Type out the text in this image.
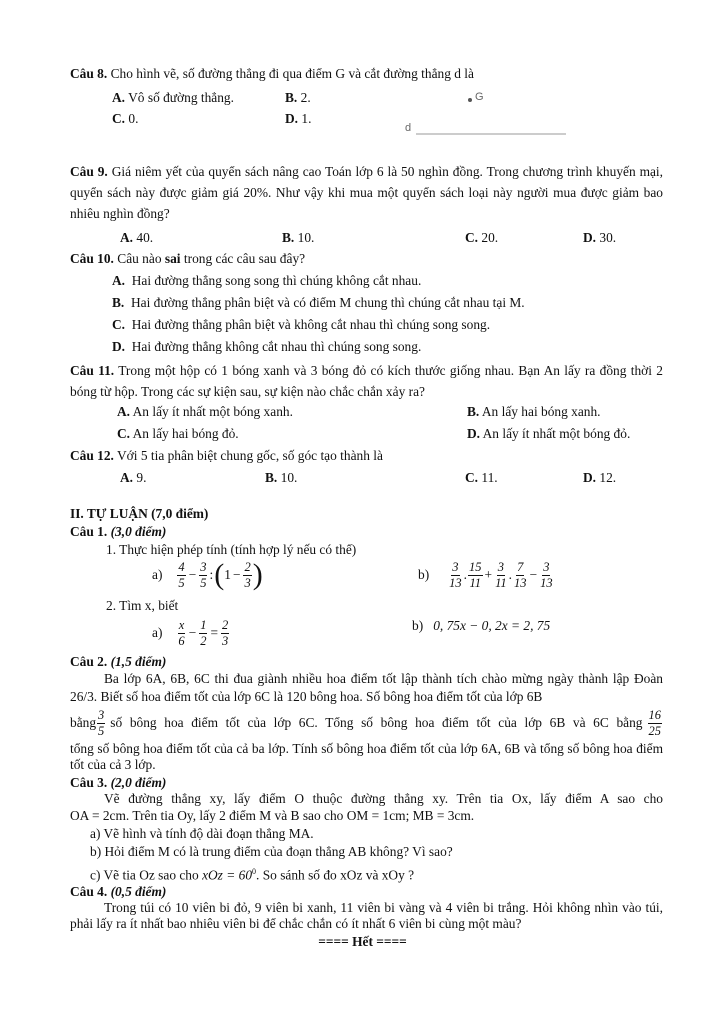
Câu 8. Cho hình vẽ, số đường thẳng đi qua điểm G và cắt đường thẳng d là
A. Vô số đường thẳng.	B. 2.
C. 0.	D. 1.
G
d
Câu 9. Giá niêm yết của quyển sách nâng cao Toán lớp 6 là 50 nghìn đồng. Trong chương trình khuyến mại, quyển sách này được giảm giá 20%. Như vậy khi mua một quyển sách loại này người mua được giảm bao nhiêu nghìn đồng?
A. 40.	B. 10.	C. 20.	D. 30.
Câu 10. Câu nào sai trong các câu sau đây?
A. Hai đường thẳng song song thì chúng không cắt nhau.
B. Hai đường thẳng phân biệt và có điểm M chung thì chúng cắt nhau tại M.
C. Hai đường thẳng phân biệt và không cắt nhau thì chúng song song.
D. Hai đường thẳng không cắt nhau thì chúng song song.
Câu 11. Trong một hộp có 1 bóng xanh và 3 bóng đỏ có kích thước giống nhau. Bạn An lấy ra đồng thời 2 bóng từ hộp. Trong các sự kiện sau, sự kiện nào chắc chắn xảy ra?
A. An lấy ít nhất một bóng xanh.	B. An lấy hai bóng xanh.
C. An lấy hai bóng đỏ.	D. An lấy ít nhất một bóng đỏ.
Câu 12. Với 5 tia phân biệt chung gốc, số góc tạo thành là
A. 9.	B. 10.	C. 11.	D. 12.
II. TỰ LUẬN (7,0 điểm)
Câu 1. (3,0 điểm)
1. Thực hiện phép tính (tính hợp lý nếu có thể)
$a) \frac{4}{5} - \frac{3}{5}$ : ( $1 - \frac{2}{3}$ )	$b) \frac{3}{13}$ . $\frac{15}{11} + \frac{3}{11}$ . $\frac{7}{13} - \frac{3}{13}$
2. Tìm x, biết
$a) \frac{x}{6} - \frac{1}{2} = \frac{2}{3}$	b) 0, 75x − 0, 2x = 2, 75
Câu 2. (1,5 điểm)
Ba lớp 6A, 6B, 6C thi đua giành nhiều hoa điểm tốt lập thành tích chào mừng ngày thành lập Đoàn 26/3. Biết số hoa điểm tốt của lớp 6C là 120 bông hoa. Số bông hoa điểm tốt của lớp 6B
bằng $\frac{3}{5}$ số bông hoa điểm tốt của lớp 6C. Tổng số bông hoa điểm tốt của lớp 6B và 6C bằng $\frac{16}{25}$
tổng số bông hoa điểm tốt của cả ba lớp. Tính số bông hoa điểm tốt của lớp 6A, 6B và tổng số bông hoa điểm tốt của cả 3 lớp.
Câu 3. (2,0 điểm)
Vẽ đường thẳng xy, lấy điểm O thuộc đường thẳng xy. Trên tia Ox, lấy điểm A sao cho
OA = 2cm. Trên tia Oy, lấy 2 điểm M và B sao cho OM = 1cm; MB = 3cm.
a) Vẽ hình và tính độ dài đoạn thẳng MA.
b) Hỏi điểm M có là trung điểm của đoạn thẳng AB không? Vì sao?
c) Vẽ tia Oz sao cho xOz = $60^0$. So sánh số đo xOz và xOy ?
Câu 4. (0,5 điểm)
Trong túi có 10 viên bi đỏ, 9 viên bi xanh, 11 viên bi vàng và 4 viên bi trắng. Hỏi không nhìn vào túi, phải lấy ra ít nhất bao nhiêu viên bi để chắc chắn có ít nhất 6 viên bi cùng một màu?
==== Hết ====
